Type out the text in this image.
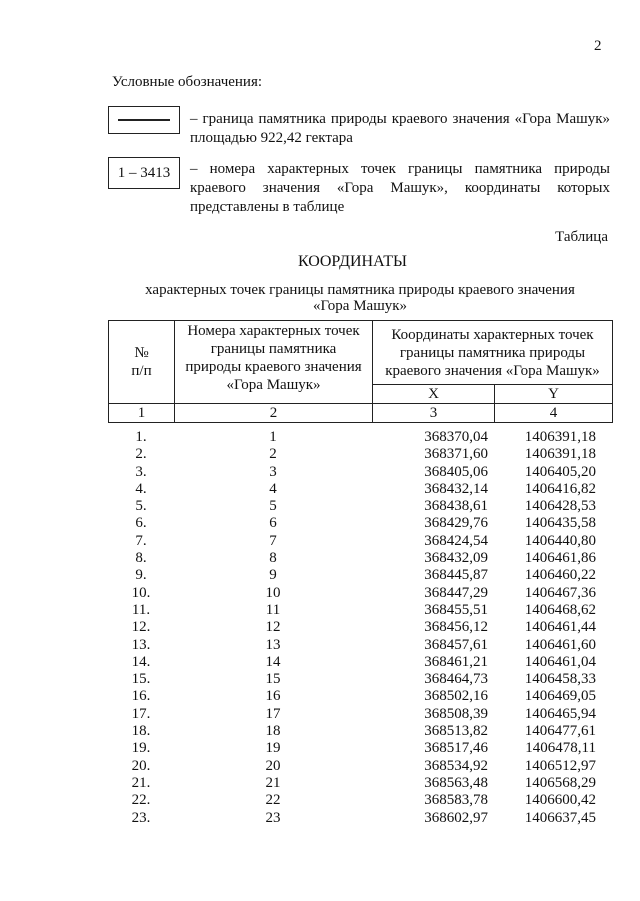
2
Условные обозначения:
– граница памятника природы краевого значения «Гора Машук» площадью 922,42 гектара
1 – 3413	– номера характерных точек границы памятника природы краевого значения «Гора Машук», координаты которых представлены в таблице
Таблица
КООРДИНАТЫ
характерных точек границы памятника природы краевого значения «Гора Машук»
№ п/п	Номера характерных точек границы памятника природы краевого значения «Гора Машук»	Координаты характерных точек границы памятника природы краевого значения «Гора Машук»	

		X	Y
1	2	3	4
1.	1	368370,04	1406391,18
2.	2	368371,60	1406391,18
3.	3	368405,06	1406405,20
4.	4	368432,14	1406416,82
5.	5	368438,61	1406428,53
6.	6	368429,76	1406435,58
7.	7	368424,54	1406440,80
8.	8	368432,09	1406461,86
9.	9	368445,87	1406460,22
10.	10	368447,29	1406467,36
11.	11	368455,51	1406468,62
12.	12	368456,12	1406461,44
13.	13	368457,61	1406461,60
14.	14	368461,21	1406461,04
15.	15	368464,73	1406458,33
16.	16	368502,16	1406469,05
17.	17	368508,39	1406465,94
18.	18	368513,82	1406477,61
19.	19	368517,46	1406478,11
20.	20	368534,92	1406512,97
21.	21	368563,48	1406568,29
22.	22	368583,78	1406600,42
23.	23	368602,97	1406637,45
